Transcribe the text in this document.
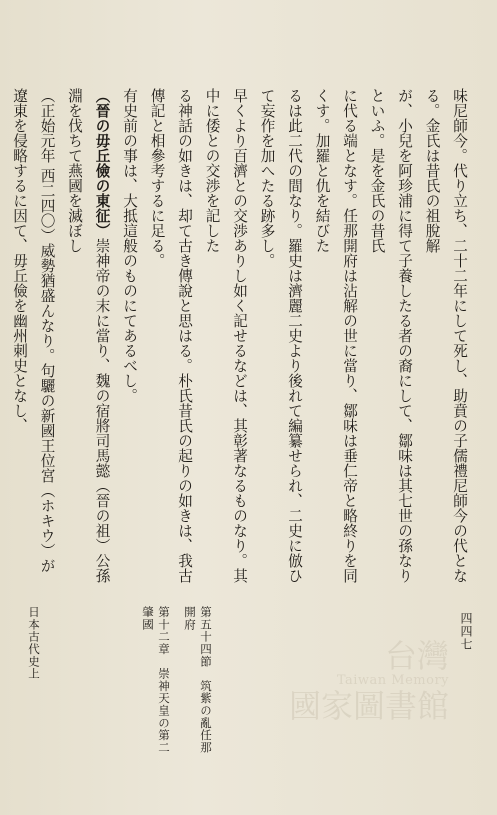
四四七
味尼師今。代り立ち、二十二年にして死し、助賁の子儒禮尼師今の代となる。金氏は昔氏の祖脫解
が、小兒を阿珍浦に得て子養したる者の裔にして、鄒味は其七世の孫なりといふ。是を金氏の昔氏
に代る端となす。任那開府は沾解の世に當り、鄒味は垂仁帝と略終りを同くす。加羅と仇を結びた
るは此二代の間なり。羅史は濟麗二史より後れて編纂せられ、二史に倣ひて妄作を加へたる跡多し。
早くより百濟との交渉ありし如く記せるなどは、其彰著なるものなり。其中に倭との交渉を記した
る神話の如きは、却て古き傳說と思はる。朴氏昔氏の起りの如きは、我古傳記と相參考するに足る。
有史前の事は、大抵這般のものにてあるべし。
（晉の毋丘儉の東征）崇神帝の末に當り、魏の宿將司馬懿（晉の祖）公孫淵を伐ちて燕國を滅ぼし
（正始元年 西二四〇）威勢猶盛んなり。句驪の新國王位宮（ホキウ）が遼東を侵略するに因て、毋丘儉を幽州刺史となし、
日本古代史上	第十二章　崇神天皇の第二肇國	第五十四節　筑紫の亂任那開府
台灣
Taiwan Memory
國家圖書館
